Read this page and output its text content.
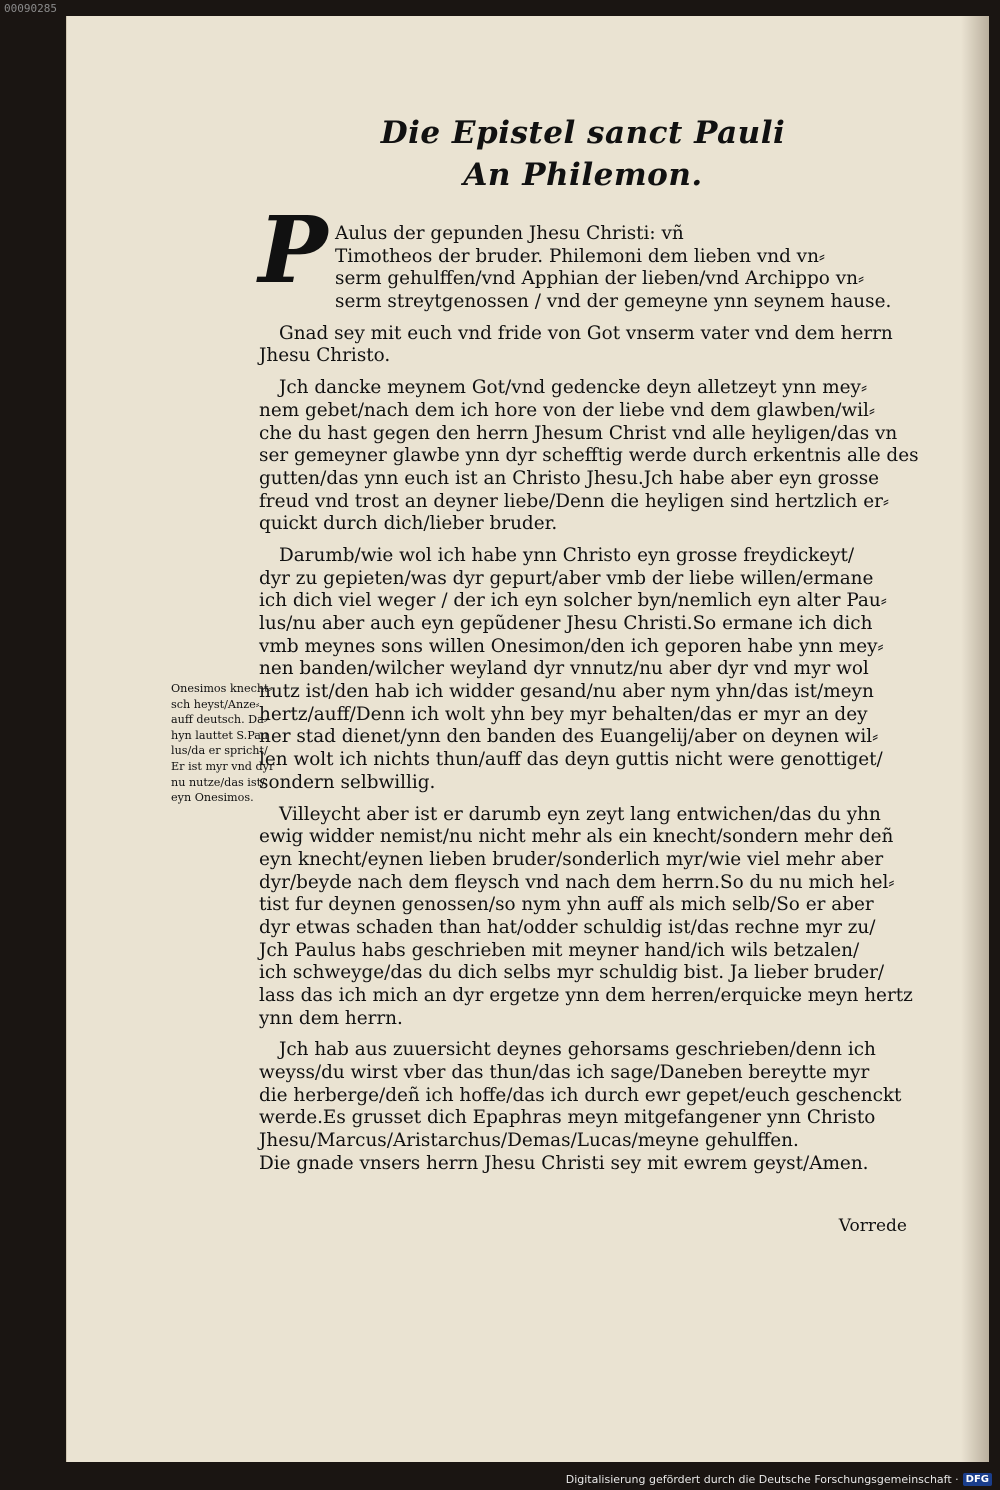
00090285
Die Epistel sanct Pauli
An Philemon.
P
Onesimos knecht⸗
sch heyst/Anze⸗
auff deutsch. Da⸗
hyn lauttet S.Pau
lus/da er spricht/
Er ist myr vnd dyr
nu nutze/das ist/
eyn Onesimos.
Aulus der gepunden Jhesu Christi: vñ
Timotheos der bruder. Philemoni dem lieben vnd vn⸗
serm gehulffen/vnd Apphian der lieben/vnd Archippo vn⸗
serm streytgenossen / vnd der gemeyne ynn seynem hause.
Gnad sey mit euch vnd fride von Got vnserm vater vnd dem herrn
Jhesu Christo.
Jch dancke meynem Got/vnd gedencke deyn alletzeyt ynn mey⸗
nem gebet/nach dem ich hore von der liebe vnd dem glawben/wil⸗
che du hast gegen den herrn Jhesum Christ vnd alle heyligen/das vn
ser gemeyner glawbe ynn dyr schefftig werde durch erkentnis alle des
gutten/das ynn euch ist an Christo Jhesu.Jch habe aber eyn grosse
freud vnd trost an deyner liebe/Denn die heyligen sind hertzlich er⸗
quickt durch dich/lieber bruder.
Darumb/wie wol ich habe ynn Christo eyn grosse freydickeyt/
dyr zu gepieten/was dyr gepurt/aber vmb der liebe willen/ermane
ich dich viel weger / der ich eyn solcher byn/nemlich eyn alter Pau⸗
lus/nu aber auch eyn gepũdener Jhesu Christi.So ermane ich dich
vmb meynes sons willen Onesimon/den ich geporen habe ynn mey⸗
nen banden/wilcher weyland dyr vnnutz/nu aber dyr vnd myr wol
nutz ist/den hab ich widder gesand/nu aber nym yhn/das ist/meyn
hertz/auff/Denn ich wolt yhn bey myr behalten/das er myr an dey
ner stad dienet/ynn den banden des Euangelij/aber on deynen wil⸗
len wolt ich nichts thun/auff das deyn guttis nicht were genottiget/
sondern selbwillig.
Villeycht aber ist er darumb eyn zeyt lang entwichen/das du yhn
ewig widder nemist/nu nicht mehr als ein knecht/sondern mehr deñ
eyn knecht/eynen lieben bruder/sonderlich myr/wie viel mehr aber
dyr/beyde nach dem fleysch vnd nach dem herrn.So du nu mich hel⸗
tist fur deynen genossen/so nym yhn auff als mich selb/So er aber
dyr etwas schaden than hat/odder schuldig ist/das rechne myr zu/
Jch Paulus habs geschrieben mit meyner hand/ich wils betzalen/
ich schweyge/das du dich selbs myr schuldig bist. Ja lieber bruder/
lass das ich mich an dyr ergetze ynn dem herren/erquicke meyn hertz
ynn dem herrn.
Jch hab aus zuuersicht deynes gehorsams geschrieben/denn ich
weyss/du wirst vber das thun/das ich sage/Daneben bereytte myr
die herberge/deñ ich hoffe/das ich durch ewr gepet/euch geschenckt
werde.Es grusset dich Epaphras meyn mitgefangener ynn Christo
Jhesu/Marcus/Aristarchus/Demas/Lucas/meyne gehulffen.
Die gnade vnsers herrn Jhesu Christi sey mit ewrem geyst/Amen.
Vorrede
Digitalisierung gefördert durch die Deutsche Forschungsgemeinschaft · DFG
